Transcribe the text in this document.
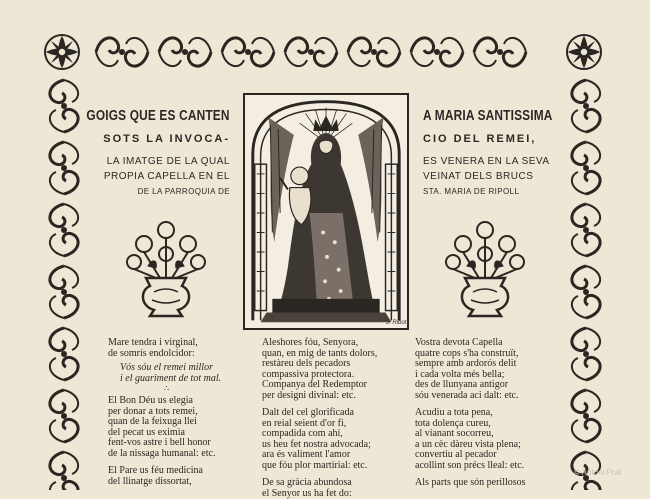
GOIGS QUE ES CANTEN	A MARIA SANTISSIMA
SOTS LA INVOCA-	CIO DEL REMEI,
LA IMATGE DE LA QUAL	ES VENERA EN LA SEVA
PROPIA CAPELLA EN EL	VEINAT DELS BRUCS
DE LA PARROQUIA DE	STA. MARIA DE RIPOLL
J. Ribot
Mare tendra i virginal,
de somrís endolcidor:
Vós sóu el remei millor
i el guariment de tot mal.
∴
El Bon Déu us elegia
per donar a tots remei,
quan de la feixuga llei
del pecat us eximia
fent-vos astre i bell honor
de la nissaga humanal: etc.
El Pare us féu medicina
del llinatge dissortat,
Aleshores fóu, Senyora,
quan, en mig de tants dolors,
restàreu dels pecadors
compassiva protectora.
Companya del Redemptor
per designi divinal: etc.
Dalt del cel glorificada
en reial seient d'or fi,
compadida com ahí,
us heu fet nostra advocada;
ara és valiment l'amor
que fóu plor martirial: etc.
De sa gràcia abundosa
el Senyor us ha fet do:
Vostra devota Capella
quatre cops s'ha construït,
sempre amb ardorós delit
i cada volta més bella;
des de llunyana antigor
sóu venerada aci dalt: etc.
Acudiu a tota pena,
tota dolença cureu,
al vianant socorreu,
a un cèc dàreu vista plena;
convertiu al pecador
acollint son précs lleal: etc.
Als parts que són perillosos
© Antoni Prat
